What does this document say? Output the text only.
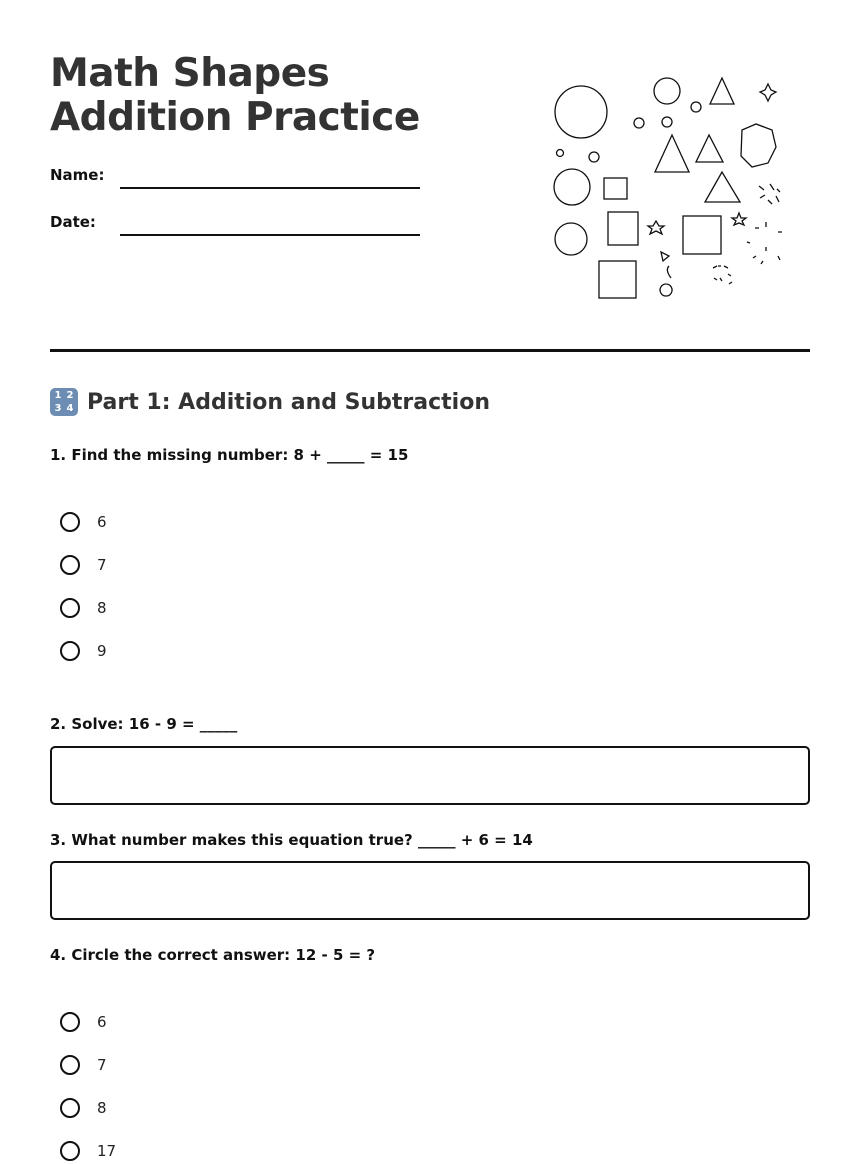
Math Shapes Addition Practice
Name:
Date:
1 2
3 4 Part 1: Addition and Subtraction
1. Find the missing number: 8 + _____ = 15
6
7
8
9
2. Solve: 16 - 9 = _____
3. What number makes this equation true? _____ + 6 = 14
4. Circle the correct answer: 12 - 5 = ?
6
7
8
17
